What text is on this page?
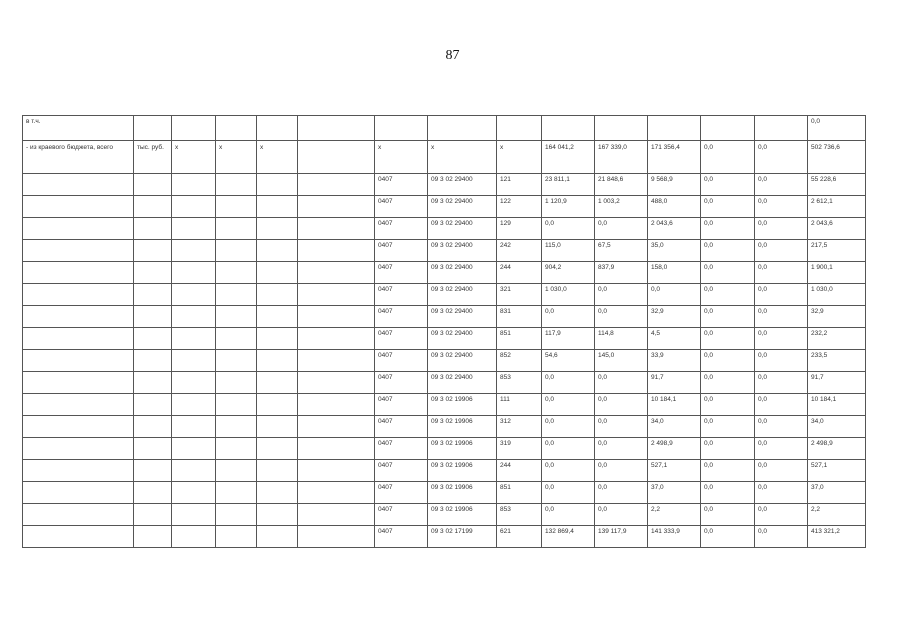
87
в т.ч.														0,0
- из краевого бюджета, всего	тыс. руб.	х	х	х		х	х	х	164 041,2	167 339,0	171 356,4	0,0	0,0	502 736,6
						0407	09 3 02 29400	121	23 811,1	21 848,6	9 568,9	0,0	0,0	55 228,6
						0407	09 3 02 29400	122	1 120,9	1 003,2	488,0	0,0	0,0	2 612,1
						0407	09 3 02 29400	129	0,0	0,0	2 043,6	0,0	0,0	2 043,6
						0407	09 3 02 29400	242	115,0	67,5	35,0	0,0	0,0	217,5
						0407	09 3 02 29400	244	904,2	837,9	158,0	0,0	0,0	1 900,1
						0407	09 3 02 29400	321	1 030,0	0,0	0,0	0,0	0,0	1 030,0
						0407	09 3 02 29400	831	0,0	0,0	32,9	0,0	0,0	32,9
						0407	09 3 02 29400	851	117,9	114,8	4,5	0,0	0,0	232,2
						0407	09 3 02 29400	852	54,6	145,0	33,9	0,0	0,0	233,5
						0407	09 3 02 29400	853	0,0	0,0	91,7	0,0	0,0	91,7
						0407	09 3 02 19906	111	0,0	0,0	10 184,1	0,0	0,0	10 184,1
						0407	09 3 02 19906	312	0,0	0,0	34,0	0,0	0,0	34,0
						0407	09 3 02 19906	319	0,0	0,0	2 498,9	0,0	0,0	2 498,9
						0407	09 3 02 19906	244	0,0	0,0	527,1	0,0	0,0	527,1
						0407	09 3 02 19906	851	0,0	0,0	37,0	0,0	0,0	37,0
						0407	09 3 02 19906	853	0,0	0,0	2,2	0,0	0,0	2,2
						0407	09 3 02 17199	621	132 869,4	139 117,9	141 333,9	0,0	0,0	413 321,2
